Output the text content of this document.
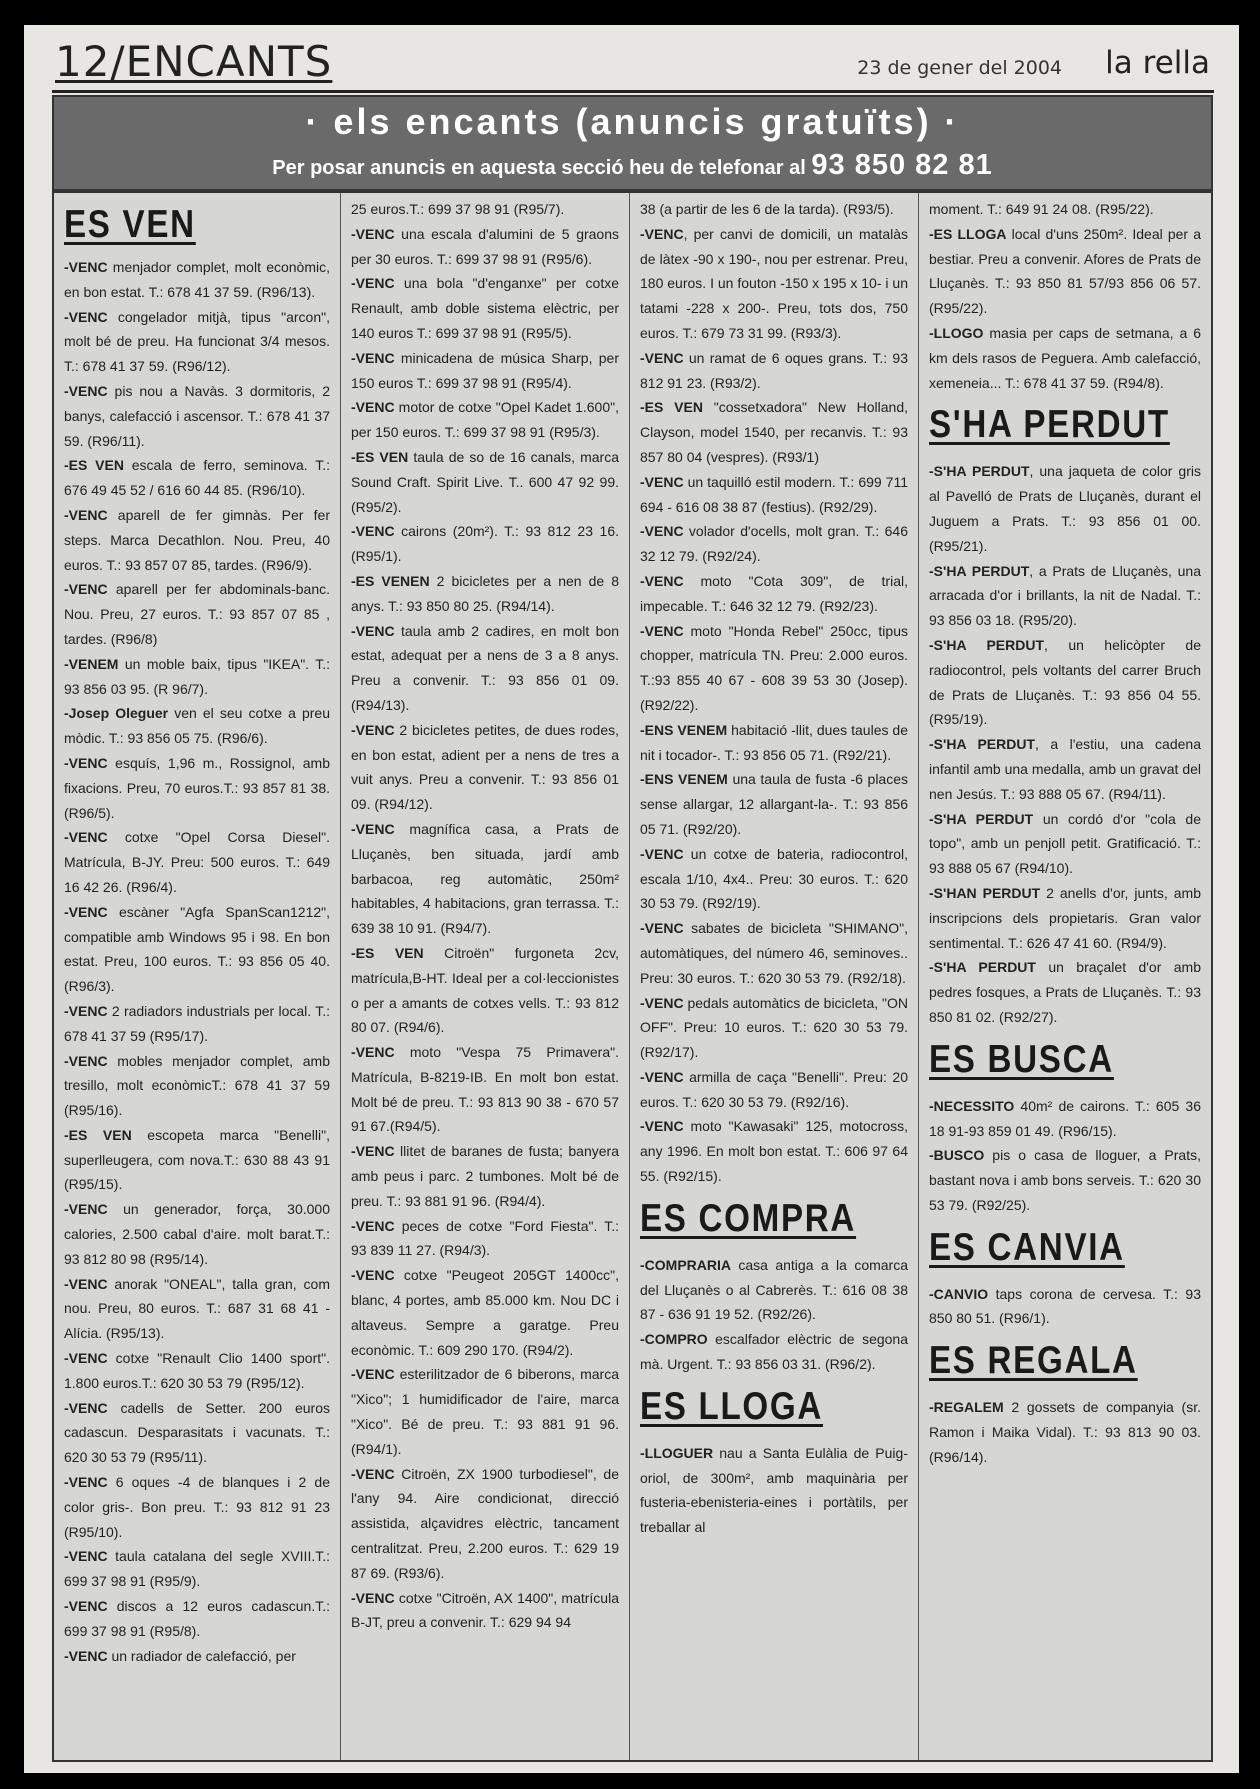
12/ENCANTS	23 de gener del 2004 la rella
· els encants (anuncis gratuïts) ·
Per posar anuncis en aquesta secció heu de telefonar al 93 850 82 81
ES VEN

-VENC menjador complet, molt econòmic, en bon estat. T.: 678 41 37 59. (R96/13).

-VENC congelador mitjà, tipus "arcon", molt bé de preu. Ha funcionat 3/4 mesos. T.: 678 41 37 59. (R96/12).

-VENC pis nou a Navàs. 3 dormitoris, 2 banys, calefacció i ascensor. T.: 678 41 37 59. (R96/11).

-ES VEN escala de ferro, seminova. T.: 676 49 45 52 / 616 60 44 85. (R96/10).

-VENC aparell de fer gimnàs. Per fer steps. Marca Decathlon. Nou. Preu, 40 euros. T.: 93 857 07 85, tardes. (R96/9).

-VENC aparell per fer abdominals-banc. Nou. Preu, 27 euros. T.: 93 857 07 85 , tardes. (R96/8)

-VENEM un moble baix, tipus "IKEA". T.: 93 856 03 95. (R 96/7).

-Josep Oleguer ven el seu cotxe a preu mòdic. T.: 93 856 05 75. (R96/6).

-VENC esquís, 1,96 m., Rossignol, amb fixacions. Preu, 70 euros.T.: 93 857 81 38. (R96/5).

-VENC cotxe "Opel Corsa Diesel". Matrícula, B-JY. Preu: 500 euros. T.: 649 16 42 26. (R96/4).

-VENC escàner "Agfa SpanScan1212", compatible amb Windows 95 i 98. En bon estat. Preu, 100 euros. T.: 93 856 05 40. (R96/3).

-VENC 2 radiadors industrials per local. T.: 678 41 37 59 (R95/17).

-VENC mobles menjador complet, amb tresillo, molt econòmicT.: 678 41 37 59 (R95/16).

-ES VEN escopeta marca "Benelli", superlleugera, com nova.T.: 630 88 43 91 (R95/15).

-VENC un generador, força, 30.000 calories, 2.500 cabal d'aire. molt barat.T.: 93 812 80 98 (R95/14).

-VENC anorak "ONEAL", talla gran, com nou. Preu, 80 euros. T.: 687 31 68 41 - Alícia. (R95/13).

-VENC cotxe "Renault Clio 1400 sport". 1.800 euros.T.: 620 30 53 79 (R95/12).

-VENC cadells de Setter. 200 euros cadascun. Desparasitats i vacunats. T.: 620 30 53 79 (R95/11).

-VENC 6 oques -4 de blanques i 2 de color gris-. Bon preu. T.: 93 812 91 23 (R95/10).

-VENC taula catalana del segle XVIII.T.: 699 37 98 91 (R95/9).

-VENC discos a 12 euros cadascun.T.: 699 37 98 91 (R95/8).

-VENC un radiador de calefacció, per

25 euros.T.: 699 37 98 91 (R95/7).

-VENC una escala d'alumini de 5 graons per 30 euros. T.: 699 37 98 91 (R95/6).

-VENC una bola "d'enganxe" per cotxe Renault, amb doble sistema elèctric, per 140 euros T.: 699 37 98 91 (R95/5).

-VENC minicadena de música Sharp, per 150 euros T.: 699 37 98 91 (R95/4).

-VENC motor de cotxe "Opel Kadet 1.600", per 150 euros. T.: 699 37 98 91 (R95/3).

-ES VEN taula de so de 16 canals, marca Sound Craft. Spirit Live. T.. 600 47 92 99. (R95/2).

-VENC cairons (20m²). T.: 93 812 23 16. (R95/1).

-ES VENEN 2 bicicletes per a nen de 8 anys. T.: 93 850 80 25. (R94/14).

-VENC taula amb 2 cadires, en molt bon estat, adequat per a nens de 3 a 8 anys. Preu a convenir. T.: 93 856 01 09. (R94/13).

-VENC 2 bicicletes petites, de dues rodes, en bon estat, adient per a nens de tres a vuit anys. Preu a convenir. T.: 93 856 01 09. (R94/12).

-VENC magnífica casa, a Prats de Lluçanès, ben situada, jardí amb barbacoa, reg automàtic, 250m² habitables, 4 habitacions, gran terrassa. T.: 639 38 10 91. (R94/7).

-ES VEN Citroën" furgoneta 2cv, matrícula,B-HT. Ideal per a col·leccionistes o per a amants de cotxes vells. T.: 93 812 80 07. (R94/6).

-VENC moto "Vespa 75 Primavera". Matrícula, B-8219-IB. En molt bon estat. Molt bé de preu. T.: 93 813 90 38 - 670 57 91 67.(R94/5).

-VENC llitet de baranes de fusta; banyera amb peus i parc. 2 tumbones. Molt bé de preu. T.: 93 881 91 96. (R94/4).

-VENC peces de cotxe "Ford Fiesta". T.: 93 839 11 27. (R94/3).

-VENC cotxe "Peugeot 205GT 1400cc", blanc, 4 portes, amb 85.000 km. Nou DC i altaveus. Sempre a garatge. Preu econòmic. T.: 609 290 170. (R94/2).

-VENC esterilitzador de 6 biberons, marca "Xico"; 1 humidificador de l'aire, marca "Xico". Bé de preu. T.: 93 881 91 96. (R94/1).

-VENC Citroën, ZX 1900 turbodiesel", de l'any 94. Aire condicionat, direcció assistida, alçavidres elèctric, tancament centralitzat. Preu, 2.200 euros. T.: 629 19 87 69. (R93/6).

-VENC cotxe "Citroën, AX 1400", matrícula B-JT, preu a convenir. T.: 629 94 94

38 (a partir de les 6 de la tarda). (R93/5).

-VENC, per canvi de domicili, un matalàs de làtex -90 x 190-, nou per estrenar. Preu, 180 euros. I un fouton -150 x 195 x 10- i un tatami -228 x 200-. Preu, tots dos, 750 euros. T.: 679 73 31 99. (R93/3).

-VENC un ramat de 6 oques grans. T.: 93 812 91 23. (R93/2).

-ES VEN "cossetxadora" New Holland, Clayson, model 1540, per recanvis. T.: 93 857 80 04 (vespres). (R93/1)

-VENC un taquilló estil modern. T.: 699 711 694 - 616 08 38 87 (festius). (R92/29).

-VENC volador d'ocells, molt gran. T.: 646 32 12 79. (R92/24).

-VENC moto "Cota 309", de trial, impecable. T.: 646 32 12 79. (R92/23).

-VENC moto "Honda Rebel" 250cc, tipus chopper, matrícula TN. Preu: 2.000 euros. T.:93 855 40 67 - 608 39 53 30 (Josep). (R92/22).

-ENS VENEM habitació -llit, dues taules de nit i tocador-. T.: 93 856 05 71. (R92/21).

-ENS VENEM una taula de fusta -6 places sense allargar, 12 allargant-la-. T.: 93 856 05 71. (R92/20).

-VENC un cotxe de bateria, radiocontrol, escala 1/10, 4x4.. Preu: 30 euros. T.: 620 30 53 79. (R92/19).

-VENC sabates de bicicleta "SHIMANO", automàtiques, del número 46, seminoves.. Preu: 30 euros. T.: 620 30 53 79. (R92/18).

-VENC pedals automàtics de bicicleta, "ON OFF". Preu: 10 euros. T.: 620 30 53 79. (R92/17).

-VENC armilla de caça "Benelli". Preu: 20 euros. T.: 620 30 53 79. (R92/16).

-VENC moto "Kawasaki" 125, motocross, any 1996. En molt bon estat. T.: 606 97 64 55. (R92/15).

ES COMPRA

-COMPRARIA casa antiga a la comarca del Lluçanès o al Cabrerès. T.: 616 08 38 87 - 636 91 19 52. (R92/26).

-COMPRO escalfador elèctric de segona mà. Urgent. T.: 93 856 03 31. (R96/2).

ES LLOGA

-LLOGUER nau a Santa Eulàlia de Puig-oriol, de 300m², amb maquinària per fusteria-ebenisteria-eines i portàtils, per treballar al

moment. T.: 649 91 24 08. (R95/22).

-ES LLOGA local d'uns 250m². Ideal per a bestiar. Preu a convenir. Afores de Prats de Lluçanès. T.: 93 850 81 57/93 856 06 57. (R95/22).

-LLOGO masia per caps de setmana, a 6 km dels rasos de Peguera. Amb calefacció, xemeneia... T.: 678 41 37 59. (R94/8).

S'HA PERDUT

-S'HA PERDUT, una jaqueta de color gris al Pavelló de Prats de Lluçanès, durant el Juguem a Prats. T.: 93 856 01 00. (R95/21).

-S'HA PERDUT, a Prats de Lluçanès, una arracada d'or i brillants, la nit de Nadal. T.: 93 856 03 18. (R95/20).

-S'HA PERDUT, un helicòpter de radiocontrol, pels voltants del carrer Bruch de Prats de Lluçanès. T.: 93 856 04 55. (R95/19).

-S'HA PERDUT, a l'estiu, una cadena infantil amb una medalla, amb un gravat del nen Jesús. T.: 93 888 05 67. (R94/11).

-S'HA PERDUT un cordó d'or "cola de topo", amb un penjoll petit. Gratificació. T.: 93 888 05 67 (R94/10).

-S'HAN PERDUT 2 anells d'or, junts, amb inscripcions dels propietaris. Gran valor sentimental. T.: 626 47 41 60. (R94/9).

-S'HA PERDUT un braçalet d'or amb pedres fosques, a Prats de Lluçanès. T.: 93 850 81 02. (R92/27).

ES BUSCA

-NECESSITO 40m² de cairons. T.: 605 36 18 91-93 859 01 49. (R96/15).

-BUSCO pis o casa de lloguer, a Prats, bastant nova i amb bons serveis. T.: 620 30 53 79. (R92/25).

ES CANVIA

-CANVIO taps corona de cervesa. T.: 93 850 80 51. (R96/1).

ES REGALA

-REGALEM 2 gossets de companyia (sr. Ramon i Maika Vidal). T.: 93 813 90 03. (R96/14).
